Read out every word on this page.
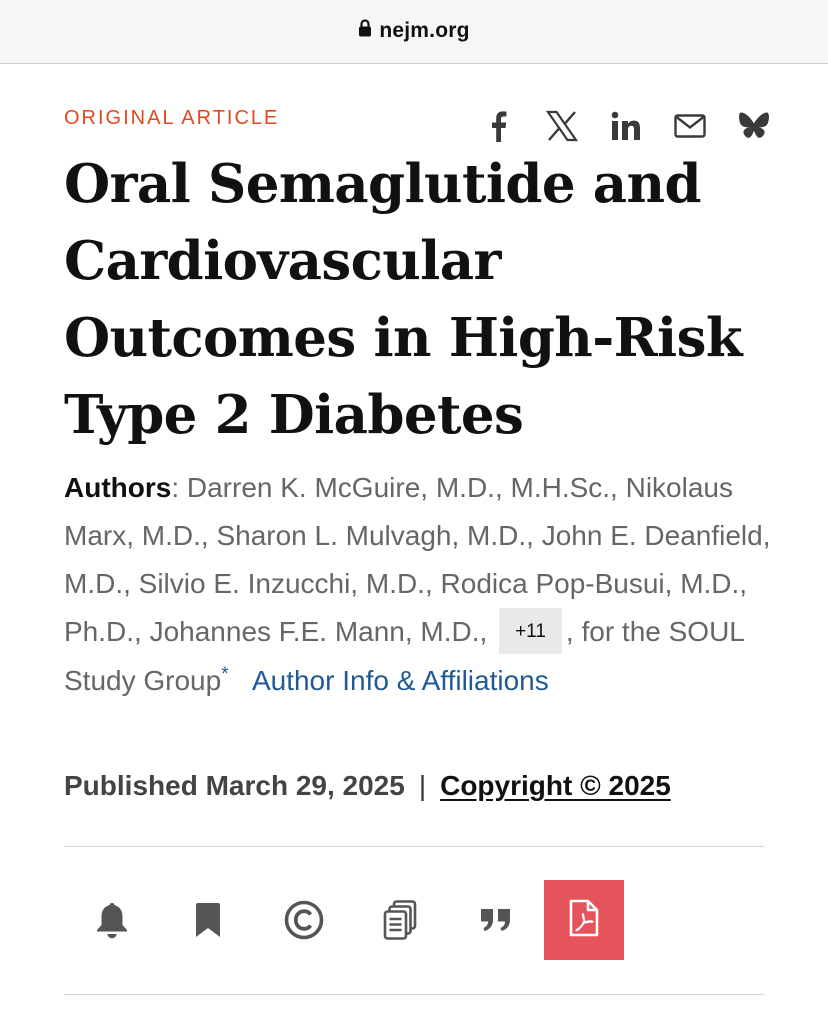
nejm.org
ORIGINAL ARTICLE
Oral Semaglutide and Cardiovascular Outcomes in High-Risk Type 2 Diabetes
Authors: Darren K. McGuire, M.D., M.H.Sc., Nikolaus Marx, M.D., Sharon L. Mulvagh, M.D., John E. Deanfield, M.D., Silvio E. Inzucchi, M.D., Rodica Pop-Busui, M.D., Ph.D., Johannes F.E. Mann, M.D., +11 , for the SOUL Study Group* Author Info & Affiliations
Published March 29, 2025 | Copyright © 2025
